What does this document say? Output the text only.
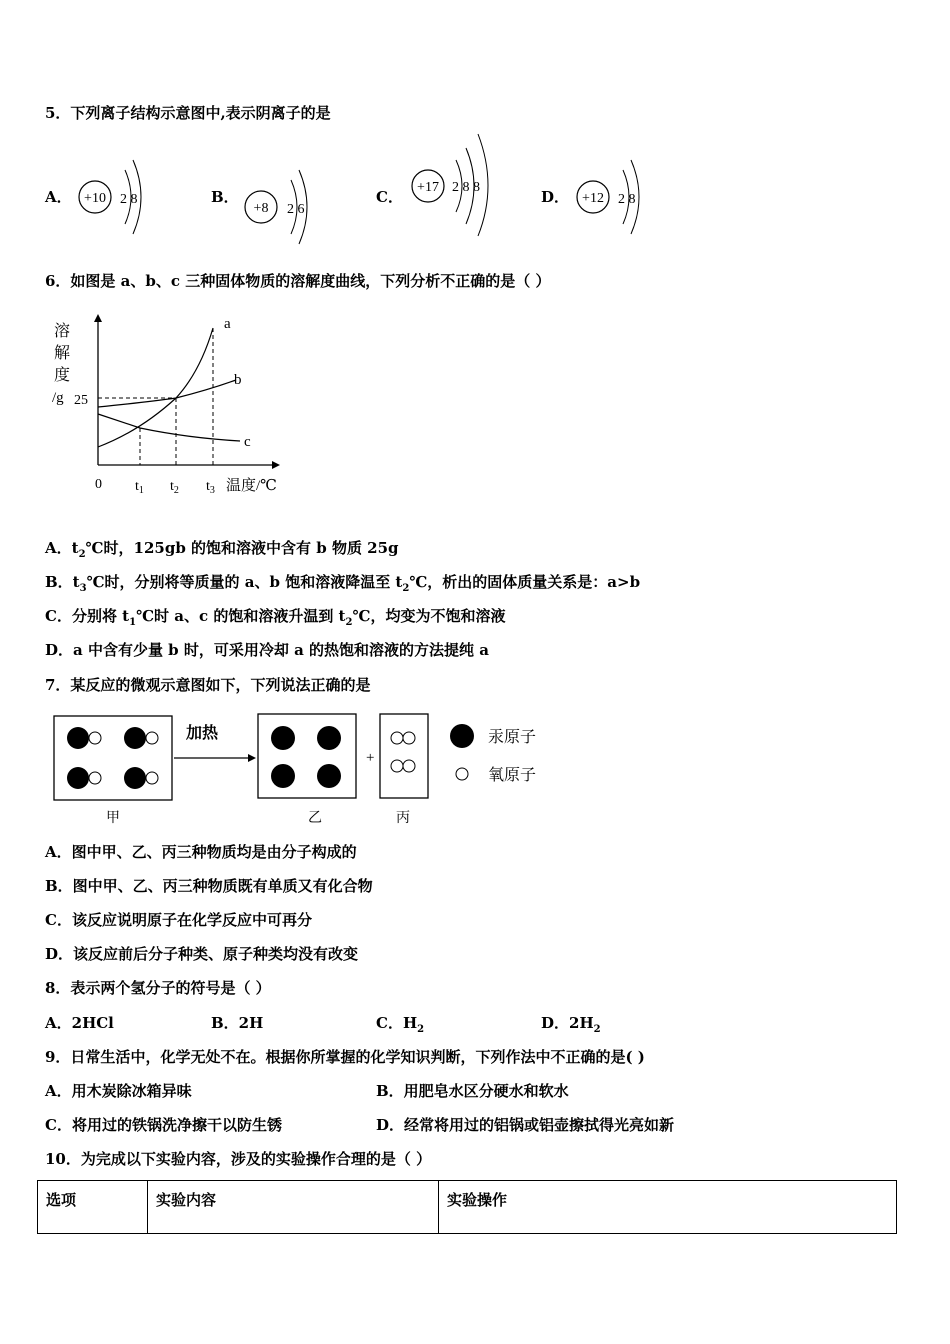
5．下列离子结构示意图中,表示阴离子的是
A． +10 2 8	B．
+8 2 6
C．
+17 2 8 8
D． +12 2 8
6．如图是 a、b、c 三种固体物质的溶解度曲线，下列分析不正确的是（ ）
溶
解
度
/g 25
a
b
c
0 $t_1$ $t_2$ $t_3$ 温度/℃
A．$t_2℃$时，125gb 的饱和溶液中含有 b 物质 25g
B．$t_3℃$时，分别将等质量的 a、b 饱和溶液降温至 $t_2℃$，析出的固体质量关系是：a>b
C．分别将 $t_1℃$时 a、c 的饱和溶液升温到 $t_2℃$，均变为不饱和溶液
D．a 中含有少量 b 时，可采用冷却 a 的热饱和溶液的方法提纯 a
7．某反应的微观示意图如下，下列说法正确的是
甲
加热
乙
+
丙
汞原子
氧原子
A．图中甲、乙、丙三种物质均是由分子构成的
B．图中甲、乙、丙三种物质既有单质又有化合物
C．该反应说明原子在化学反应中可再分
D．该反应前后分子种类、原子种类均没有改变
8．表示两个氢分子的符号是（ ）
A．2HCl	B．2H	C．$H_2$	D．$2H_2$
9．日常生活中，化学无处不在。根据你所掌握的化学知识判断，下列作法中不正确的是( )
A．用木炭除冰箱异味	B．用肥皂水区分硬水和软水
C．将用过的铁锅洗净擦干以防生锈	D．经常将用过的铝锅或铝壶擦拭得光亮如新
10．为完成以下实验内容，涉及的实验操作合理的是（ ）
选项	实验内容	实验操作
